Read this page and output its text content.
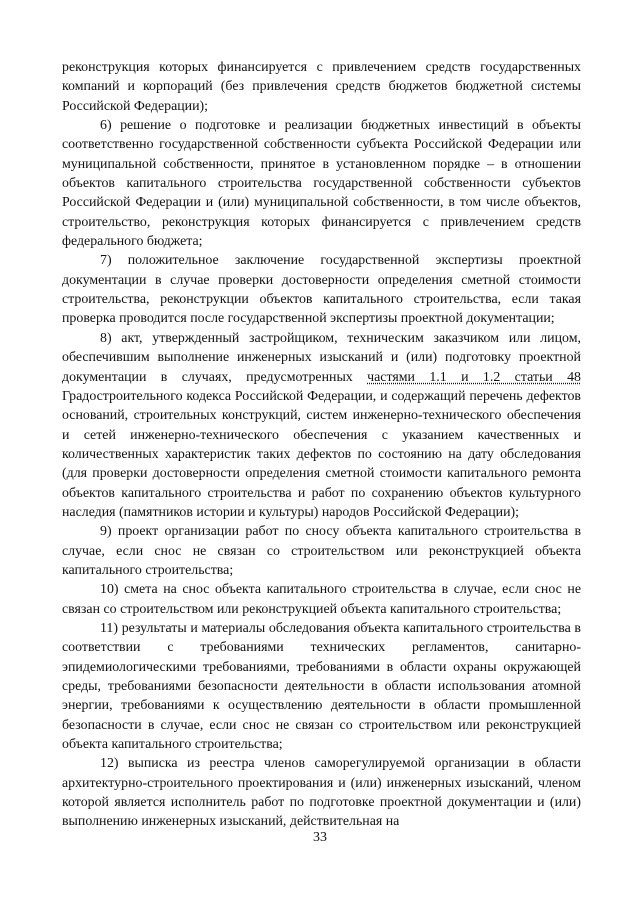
реконструкция которых финансируется с привлечением средств государственных компаний и корпораций (без привлечения средств бюджетов бюджетной системы Российской Федерации);

6) решение о подготовке и реализации бюджетных инвестиций в объекты соответственно государственной собственности субъекта Российской Федерации или муниципальной собственности, принятое в установленном порядке – в отношении объектов капитального строительства государственной собственности субъектов Российской Федерации и (или) муниципальной собственности, в том числе объектов, строительство, реконструкция которых финансируется с привлечением средств федерального бюджета;

7) положительное заключение государственной экспертизы проектной документации в случае проверки достоверности определения сметной стоимости строительства, реконструкции объектов капитального строительства, если такая проверка проводится после государственной экспертизы проектной документации;

8) акт, утвержденный застройщиком, техническим заказчиком или лицом, обеспечившим выполнение инженерных изысканий и (или) подготовку проектной документации в случаях, предусмотренных частями 1.1 и 1.2 статьи 48 Градостроительного кодекса Российской Федерации, и содержащий перечень дефектов оснований, строительных конструкций, систем инженерно-технического обеспечения и сетей инженерно-технического обеспечения с указанием качественных и количественных характеристик таких дефектов по состоянию на дату обследования (для проверки достоверности определения сметной стоимости капитального ремонта объектов капитального строительства и работ по сохранению объектов культурного наследия (памятников истории и культуры) народов Российской Федерации);

9) проект организации работ по сносу объекта капитального строительства в случае, если снос не связан со строительством или реконструкцией объекта капитального строительства;

10) смета на снос объекта капитального строительства в случае, если снос не связан со строительством или реконструкцией объекта капитального строительства;

11) результаты и материалы обследования объекта капитального строительства в соответствии с требованиями технических регламентов, санитарно-эпидемиологическими требованиями, требованиями в области охраны окружающей среды, требованиями безопасности деятельности в области использования атомной энергии, требованиями к осуществлению деятельности в области промышленной безопасности в случае, если снос не связан со строительством или реконструкцией объекта капитального строительства;

12) выписка из реестра членов саморегулируемой организации в области архитектурно-строительного проектирования и (или) инженерных изысканий, членом которой является исполнитель работ по подготовке проектной документации и (или) выполнению инженерных изысканий, действительная на

33
